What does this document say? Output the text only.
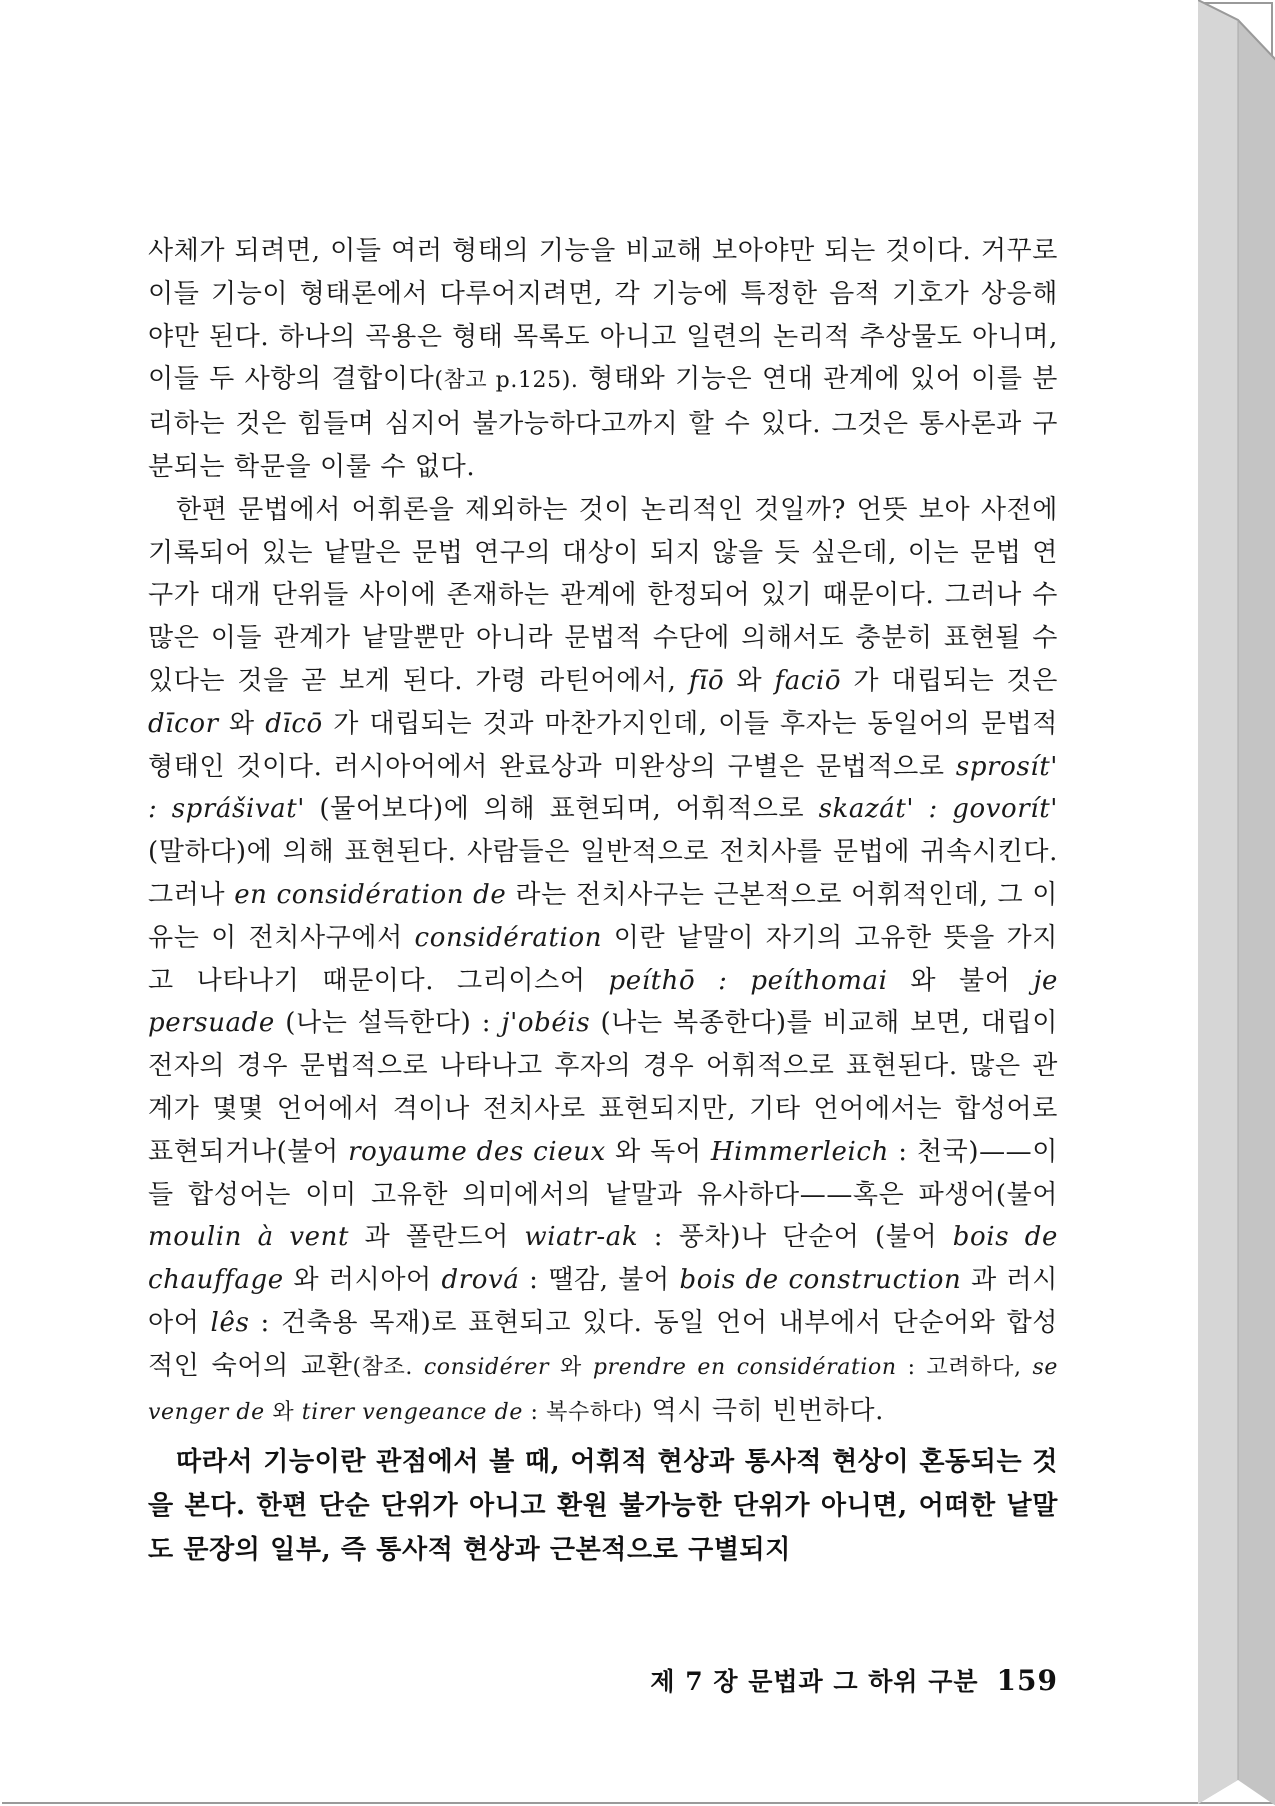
사체가 되려면, 이들 여러 형태의 기능을 비교해 보아야만 되는 것이다. 거꾸로 이들 기능이 형태론에서 다루어지려면, 각 기능에 특정한 음적 기호가 상응해야만 된다. 하나의 곡용은 형태 목록도 아니고 일련의 논리적 추상물도 아니며, 이들 두 사항의 결합이다(참고 p.125). 형태와 기능은 연대 관계에 있어 이를 분리하는 것은 힘들며 심지어 불가능하다고까지 할 수 있다. 그것은 통사론과 구분되는 학문을 이룰 수 없다.

한편 문법에서 어휘론을 제외하는 것이 논리적인 것일까? 언뜻 보아 사전에 기록되어 있는 낱말은 문법 연구의 대상이 되지 않을 듯 싶은데, 이는 문법 연구가 대개 단위들 사이에 존재하는 관계에 한정되어 있기 때문이다. 그러나 수 많은 이들 관계가 낱말뿐만 아니라 문법적 수단에 의해서도 충분히 표현될 수 있다는 것을 곧 보게 된다. 가령 라틴어에서, fīō 와 faciō 가 대립되는 것은 dīcor 와 dīcō 가 대립되는 것과 마찬가지인데, 이들 후자는 동일어의 문법적 형태인 것이다. 러시아어에서 완료상과 미완상의 구별은 문법적으로 sprosít' : sprášivat' (물어보다)에 의해 표현되며, 어휘적으로 skazát' : govorít' (말하다)에 의해 표현된다. 사람들은 일반적으로 전치사를 문법에 귀속시킨다. 그러나 en considération de 라는 전치사구는 근본적으로 어휘적인데, 그 이유는 이 전치사구에서 considération 이란 낱말이 자기의 고유한 뜻을 가지고 나타나기 때문이다. 그리이스어 peíthō : peíthomai 와 불어 je persuade (나는 설득한다) : j'obéis (나는 복종한다)를 비교해 보면, 대립이 전자의 경우 문법적으로 나타나고 후자의 경우 어휘적으로 표현된다. 많은 관계가 몇몇 언어에서 격이나 전치사로 표현되지만, 기타 언어에서는 합성어로 표현되거나(불어 royaume des cieux 와 독어 Himmerleich : 천국)——이들 합성어는 이미 고유한 의미에서의 낱말과 유사하다——혹은 파생어(불어 moulin à vent 과 폴란드어 wiatr-ak : 풍차)나 단순어 (불어 bois de chauffage 와 러시아어 drová : 땔감, 불어 bois de construction 과 러시아어 lês : 건축용 목재)로 표현되고 있다. 동일 언어 내부에서 단순어와 합성적인 숙어의 교환(참조. considérer 와 prendre en considération : 고려하다, se venger de 와 tirer vengeance de : 복수하다) 역시 극히 빈번하다.

따라서 기능이란 관점에서 볼 때, 어휘적 현상과 통사적 현상이 혼동되는 것을 본다. 한편 단순 단위가 아니고 환원 불가능한 단위가 아니면, 어떠한 낱말도 문장의 일부, 즉 통사적 현상과 근본적으로 구별되지

제 7 장 문법과 그 하위 구분 159
